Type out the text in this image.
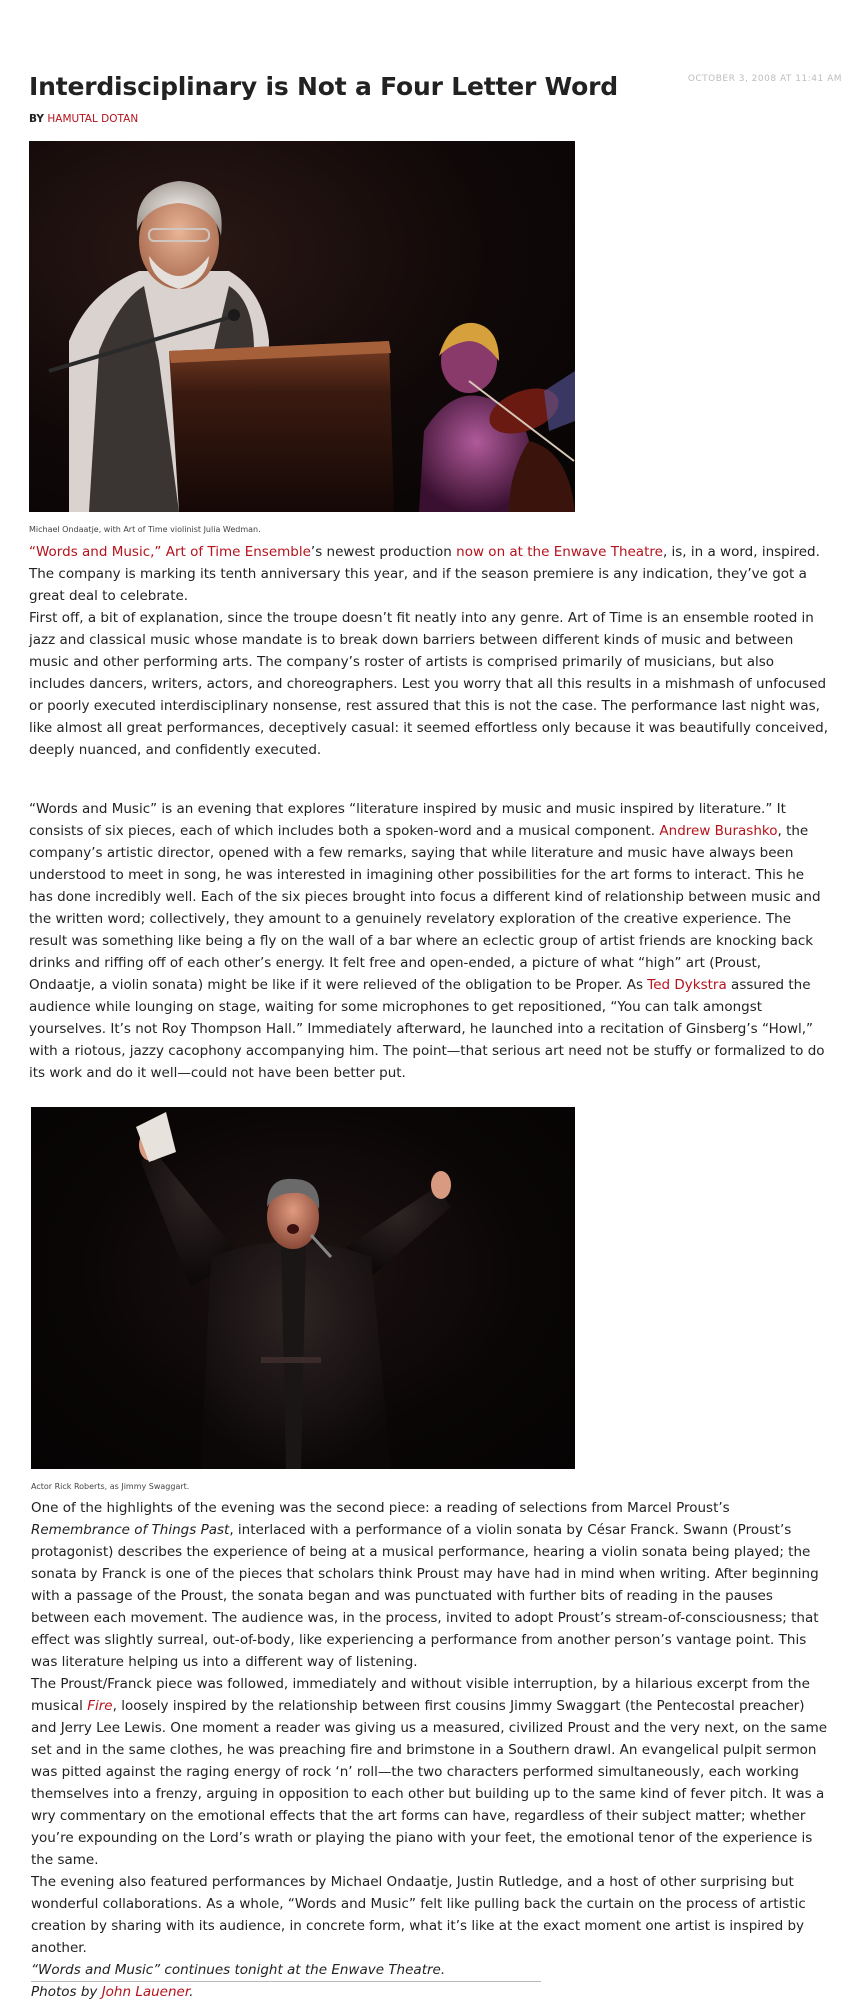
OCTOBER 3, 2008 AT 11:41 AM
Interdisciplinary is Not a Four Letter Word
BY HAMUTAL DOTAN
Michael Ondaatje, with Art of Time violinist Julia Wedman.

“Words and Music,” Art of Time Ensemble’s newest production now on at the Enwave Theatre, is, in a word, inspired. The company is marking its tenth anniversary this year, and if the season premiere is any indication, they’ve got a great deal to celebrate.

First off, a bit of explanation, since the troupe doesn’t fit neatly into any genre. Art of Time is an ensemble rooted in jazz and classical music whose mandate is to break down barriers between different kinds of music and between music and other performing arts. The company’s roster of artists is comprised primarily of musicians, but also includes dancers, writers, actors, and choreographers. Lest you worry that all this results in a mishmash of unfocused or poorly executed interdisciplinary nonsense, rest assured that this is not the case. The performance last night was, like almost all great performances, deceptively casual: it seemed effortless only because it was beautifully conceived, deeply nuanced, and confidently executed.

“Words and Music” is an evening that explores “literature inspired by music and music inspired by literature.” It consists of six pieces, each of which includes both a spoken-word and a musical component. Andrew Burashko, the company’s artistic director, opened with a few remarks, saying that while literature and music have always been understood to meet in song, he was interested in imagining other possibilities for the art forms to interact. This he has done incredibly well. Each of the six pieces brought into focus a different kind of relationship between music and the written word; collectively, they amount to a genuinely revelatory exploration of the creative experience. The result was something like being a fly on the wall of a bar where an eclectic group of artist friends are knocking back drinks and riffing off of each other’s energy. It felt free and open-ended, a picture of what “high” art (Proust, Ondaatje, a violin sonata) might be like if it were relieved of the obligation to be Proper. As Ted Dykstra assured the audience while lounging on stage, waiting for some microphones to get repositioned, “You can talk amongst yourselves. It’s not Roy Thompson Hall.” Immediately afterward, he launched into a recitation of Ginsberg’s “Howl,” with a riotous, jazzy cacophony accompanying him. The point—that serious art need not be stuffy or formalized to do its work and do it well—could not have been better put.

Actor Rick Roberts, as Jimmy Swaggart.

One of the highlights of the evening was the second piece: a reading of selections from Marcel Proust’s Remembrance of Things Past, interlaced with a performance of a violin sonata by César Franck. Swann (Proust’s protagonist) describes the experience of being at a musical performance, hearing a violin sonata being played; the sonata by Franck is one of the pieces that scholars think Proust may have had in mind when writing. After beginning with a passage of the Proust, the sonata began and was punctuated with further bits of reading in the pauses between each movement. The audience was, in the process, invited to adopt Proust’s stream-of-consciousness; that effect was slightly surreal, out-of-body, like experiencing a performance from another person’s vantage point. This was literature helping us into a different way of listening.

The Proust/Franck piece was followed, immediately and without visible interruption, by a hilarious excerpt from the musical Fire, loosely inspired by the relationship between first cousins Jimmy Swaggart (the Pentecostal preacher) and Jerry Lee Lewis. One moment a reader was giving us a measured, civilized Proust and the very next, on the same set and in the same clothes, he was preaching fire and brimstone in a Southern drawl. An evangelical pulpit sermon was pitted against the raging energy of rock ‘n’ roll—the two characters performed simultaneously, each working themselves into a frenzy, arguing in opposition to each other but building up to the same kind of fever pitch. It was a wry commentary on the emotional effects that the art forms can have, regardless of their subject matter; whether you’re expounding on the Lord’s wrath or playing the piano with your feet, the emotional tenor of the experience is the same.

The evening also featured performances by Michael Ondaatje, Justin Rutledge, and a host of other surprising but wonderful collaborations. As a whole, “Words and Music” felt like pulling back the curtain on the process of artistic creation by sharing with its audience, in concrete form, what it’s like at the exact moment one artist is inspired by another.

“Words and Music” continues tonight at the Enwave Theatre.

Photos by John Lauener.
